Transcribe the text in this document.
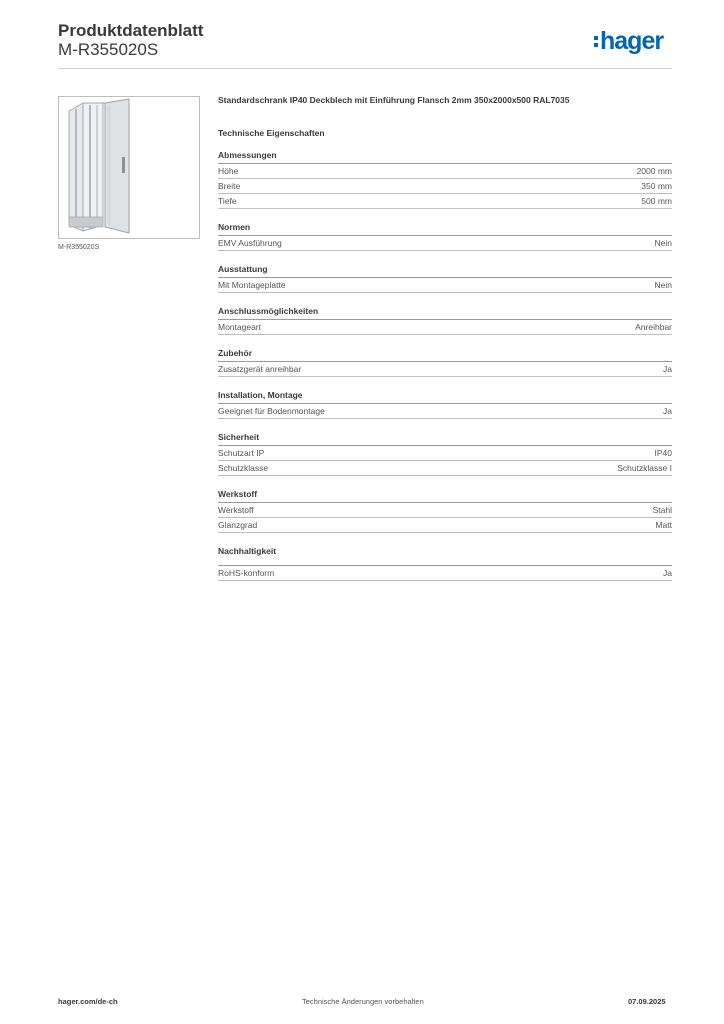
Produktdatenblatt
M-R355020S	hager
M-R355020S
Standardschrank IP40 Deckblech mit Einführung Flansch 2mm 350x2000x500 RAL7035
Technische Eigenschaften
Abmessungen
Höhe	2000 mm
Breite	350 mm
Tiefe	500 mm
Normen
EMV Ausführung	Nein
Ausstattung
Mit Montageplatte	Nein
Anschlussmöglichkeiten
Montageart	Anreihbar
Zubehör
Zusatzgerät anreihbar	Ja
Installation, Montage
Geeignet für Bodenmontage	Ja
Sicherheit
Schutzart IP	IP40
Schutzklasse	Schutzklasse I
Werkstoff
Werkstoff	Stahl
Glanzgrad	Matt
Nachhaltigkeit
RoHS-konform	Ja
hager.com/de-ch	Technische Änderungen vorbehalten	07.09.2025
